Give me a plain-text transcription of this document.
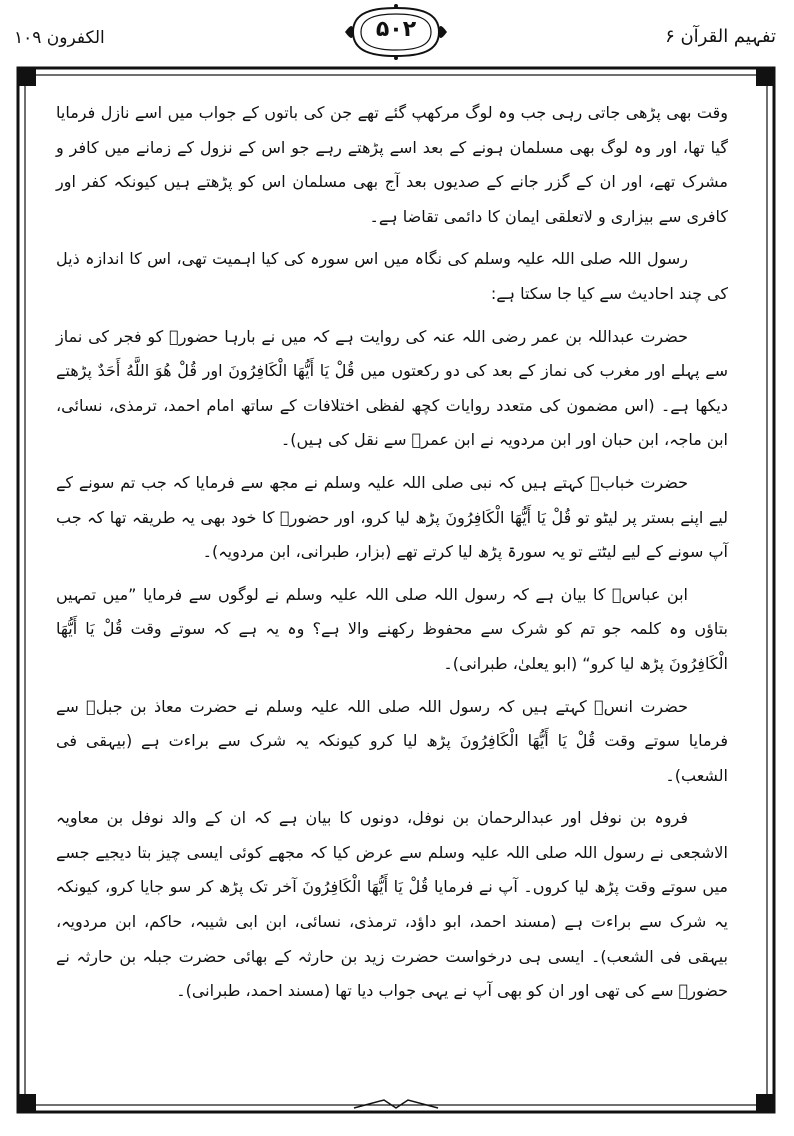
الکفرون ۱۰۹	۵۰۲	تفہیم القرآن ۶

وقت بھی پڑھی جاتی رہی جب وہ لوگ مرکھپ گئے تھے جن کی باتوں کے جواب میں اسے نازل فرمایا گیا تھا، اور وہ لوگ بھی مسلمان ہونے کے بعد اسے پڑھتے رہے جو اس کے نزول کے زمانے میں کافر و مشرک تھے، اور ان کے گزر جانے کے صدیوں بعد آج بھی مسلمان اس کو پڑھتے ہیں کیونکہ کفر اور کافری سے بیزاری و لاتعلقی ایمان کا دائمی تقاضا ہے۔

رسول اللہ صلی اللہ علیہ وسلم کی نگاہ میں اس سورہ کی کیا اہمیت تھی، اس کا اندازہ ذیل کی چند احادیث سے کیا جا سکتا ہے:

حضرت عبداللہ بن عمر رضی اللہ عنہ کی روایت ہے کہ میں نے بارہا حضورؐ کو فجر کی نماز سے پہلے اور مغرب کی نماز کے بعد کی دو رکعتوں میں قُلْ يَا أَيُّهَا الْكَافِرُونَ اور قُلْ هُوَ اللَّهُ أَحَدٌ پڑھتے دیکھا ہے۔ (اس مضمون کی متعدد روایات کچھ لفظی اختلافات کے ساتھ امام احمد، ترمذی، نسائی، ابن ماجہ، ابن حبان اور ابن مردویہ نے ابن عمرؓ سے نقل کی ہیں)۔

حضرت خبابؓ کہتے ہیں کہ نبی صلی اللہ علیہ وسلم نے مجھ سے فرمایا کہ جب تم سونے کے لیے اپنے بستر پر لیٹو تو قُلْ يَا أَيُّهَا الْكَافِرُونَ پڑھ لیا کرو، اور حضورؐ کا خود بھی یہ طریقہ تھا کہ جب آپ سونے کے لیے لیٹتے تو یہ سورۃ پڑھ لیا کرتے تھے (بزار، طبرانی، ابن مردویہ)۔

ابن عباسؓ کا بیان ہے کہ رسول اللہ صلی اللہ علیہ وسلم نے لوگوں سے فرمایا ”میں تمہیں بتاؤں وہ کلمہ جو تم کو شرک سے محفوظ رکھنے والا ہے؟ وہ یہ ہے کہ سوتے وقت قُلْ يَا أَيُّهَا الْكَافِرُونَ پڑھ لیا کرو“ (ابو یعلیٰ، طبرانی)۔

حضرت انسؓ کہتے ہیں کہ رسول اللہ صلی اللہ علیہ وسلم نے حضرت معاذ بن جبلؓ سے فرمایا سوتے وقت قُلْ يَا أَيُّهَا الْكَافِرُونَ پڑھ لیا کرو کیونکہ یہ شرک سے براءت ہے (بیہقی فی الشعب)۔

فروہ بن نوفل اور عبدالرحمان بن نوفل، دونوں کا بیان ہے کہ ان کے والد نوفل بن معاویہ الاشجعی نے رسول اللہ صلی اللہ علیہ وسلم سے عرض کیا کہ مجھے کوئی ایسی چیز بتا دیجیے جسے میں سوتے وقت پڑھ لیا کروں۔ آپ نے فرمایا قُلْ يَا أَيُّهَا الْكَافِرُونَ آخر تک پڑھ کر سو جایا کرو، کیونکہ یہ شرک سے براءت ہے (مسند احمد، ابو داؤد، ترمذی، نسائی، ابن ابی شیبہ، حاکم، ابن مردویہ، بیہقی فی الشعب)۔ ایسی ہی درخواست حضرت زید بن حارثہ کے بھائی حضرت جبلہ بن حارثہ نے حضورؐ سے کی تھی اور ان کو بھی آپ نے یہی جواب دیا تھا (مسند احمد، طبرانی)۔
